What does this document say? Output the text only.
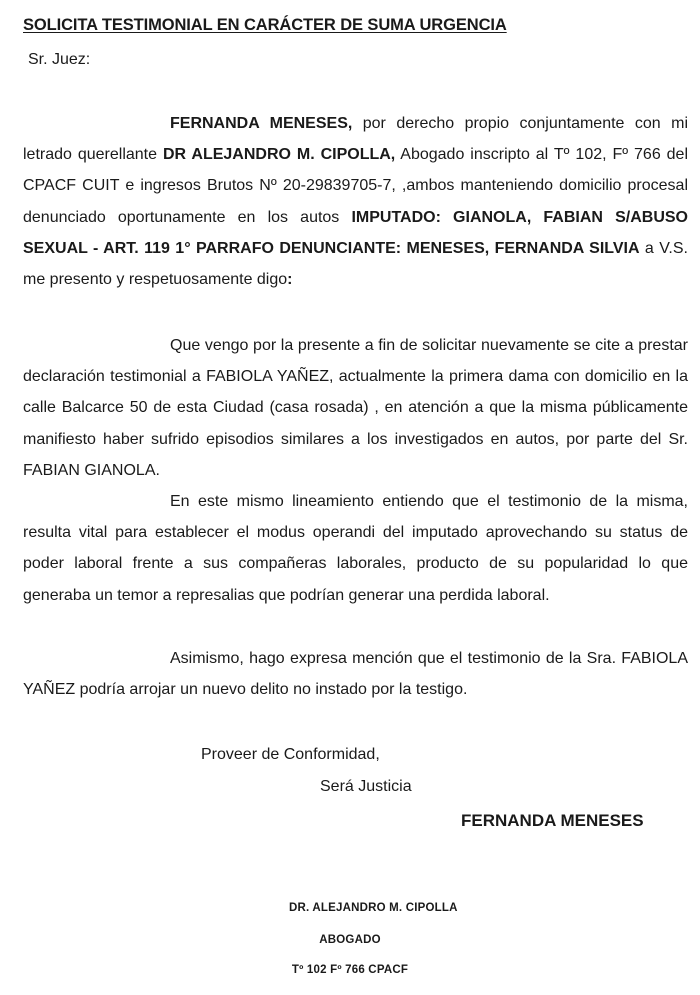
SOLICITA TESTIMONIAL EN CARÁCTER DE SUMA URGENCIA
Sr. Juez:

FERNANDA MENESES, por derecho propio conjuntamente con mi letrado querellante DR ALEJANDRO M. CIPOLLA, Abogado inscripto al Tº 102, Fº 766 del CPACF CUIT e ingresos Brutos Nº 20-29839705-7, ,ambos manteniendo domicilio procesal denunciado oportunamente en los autos IMPUTADO: GIANOLA, FABIAN S/ABUSO SEXUAL - ART. 119 1° PARRAFO DENUNCIANTE: MENESES, FERNANDA SILVIA a V.S. me presento y respetuosamente digo:

Que vengo por la presente a fin de solicitar nuevamente se cite a prestar declaración testimonial a FABIOLA YAÑEZ, actualmente la primera dama con domicilio en la calle Balcarce 50 de esta Ciudad (casa rosada) , en atención a que la misma públicamente manifiesto haber sufrido episodios similares a los investigados en autos, por parte del Sr. FABIAN GIANOLA.

En este mismo lineamiento entiendo que el testimonio de la misma, resulta vital para establecer el modus operandi del imputado aprovechando su status de poder laboral frente a sus compañeras laborales, producto de su popularidad lo que generaba un temor a represalias que podrían generar una perdida laboral.

Asimismo, hago expresa mención que el testimonio de la Sra. FABIOLA YAÑEZ podría arrojar un nuevo delito no instado por la testigo.

Proveer de Conformidad,
Será Justicia
FERNANDA MENESES
DR. ALEJANDRO M. CIPOLLA
ABOGADO
Tº 102 Fº 766 CPACF
